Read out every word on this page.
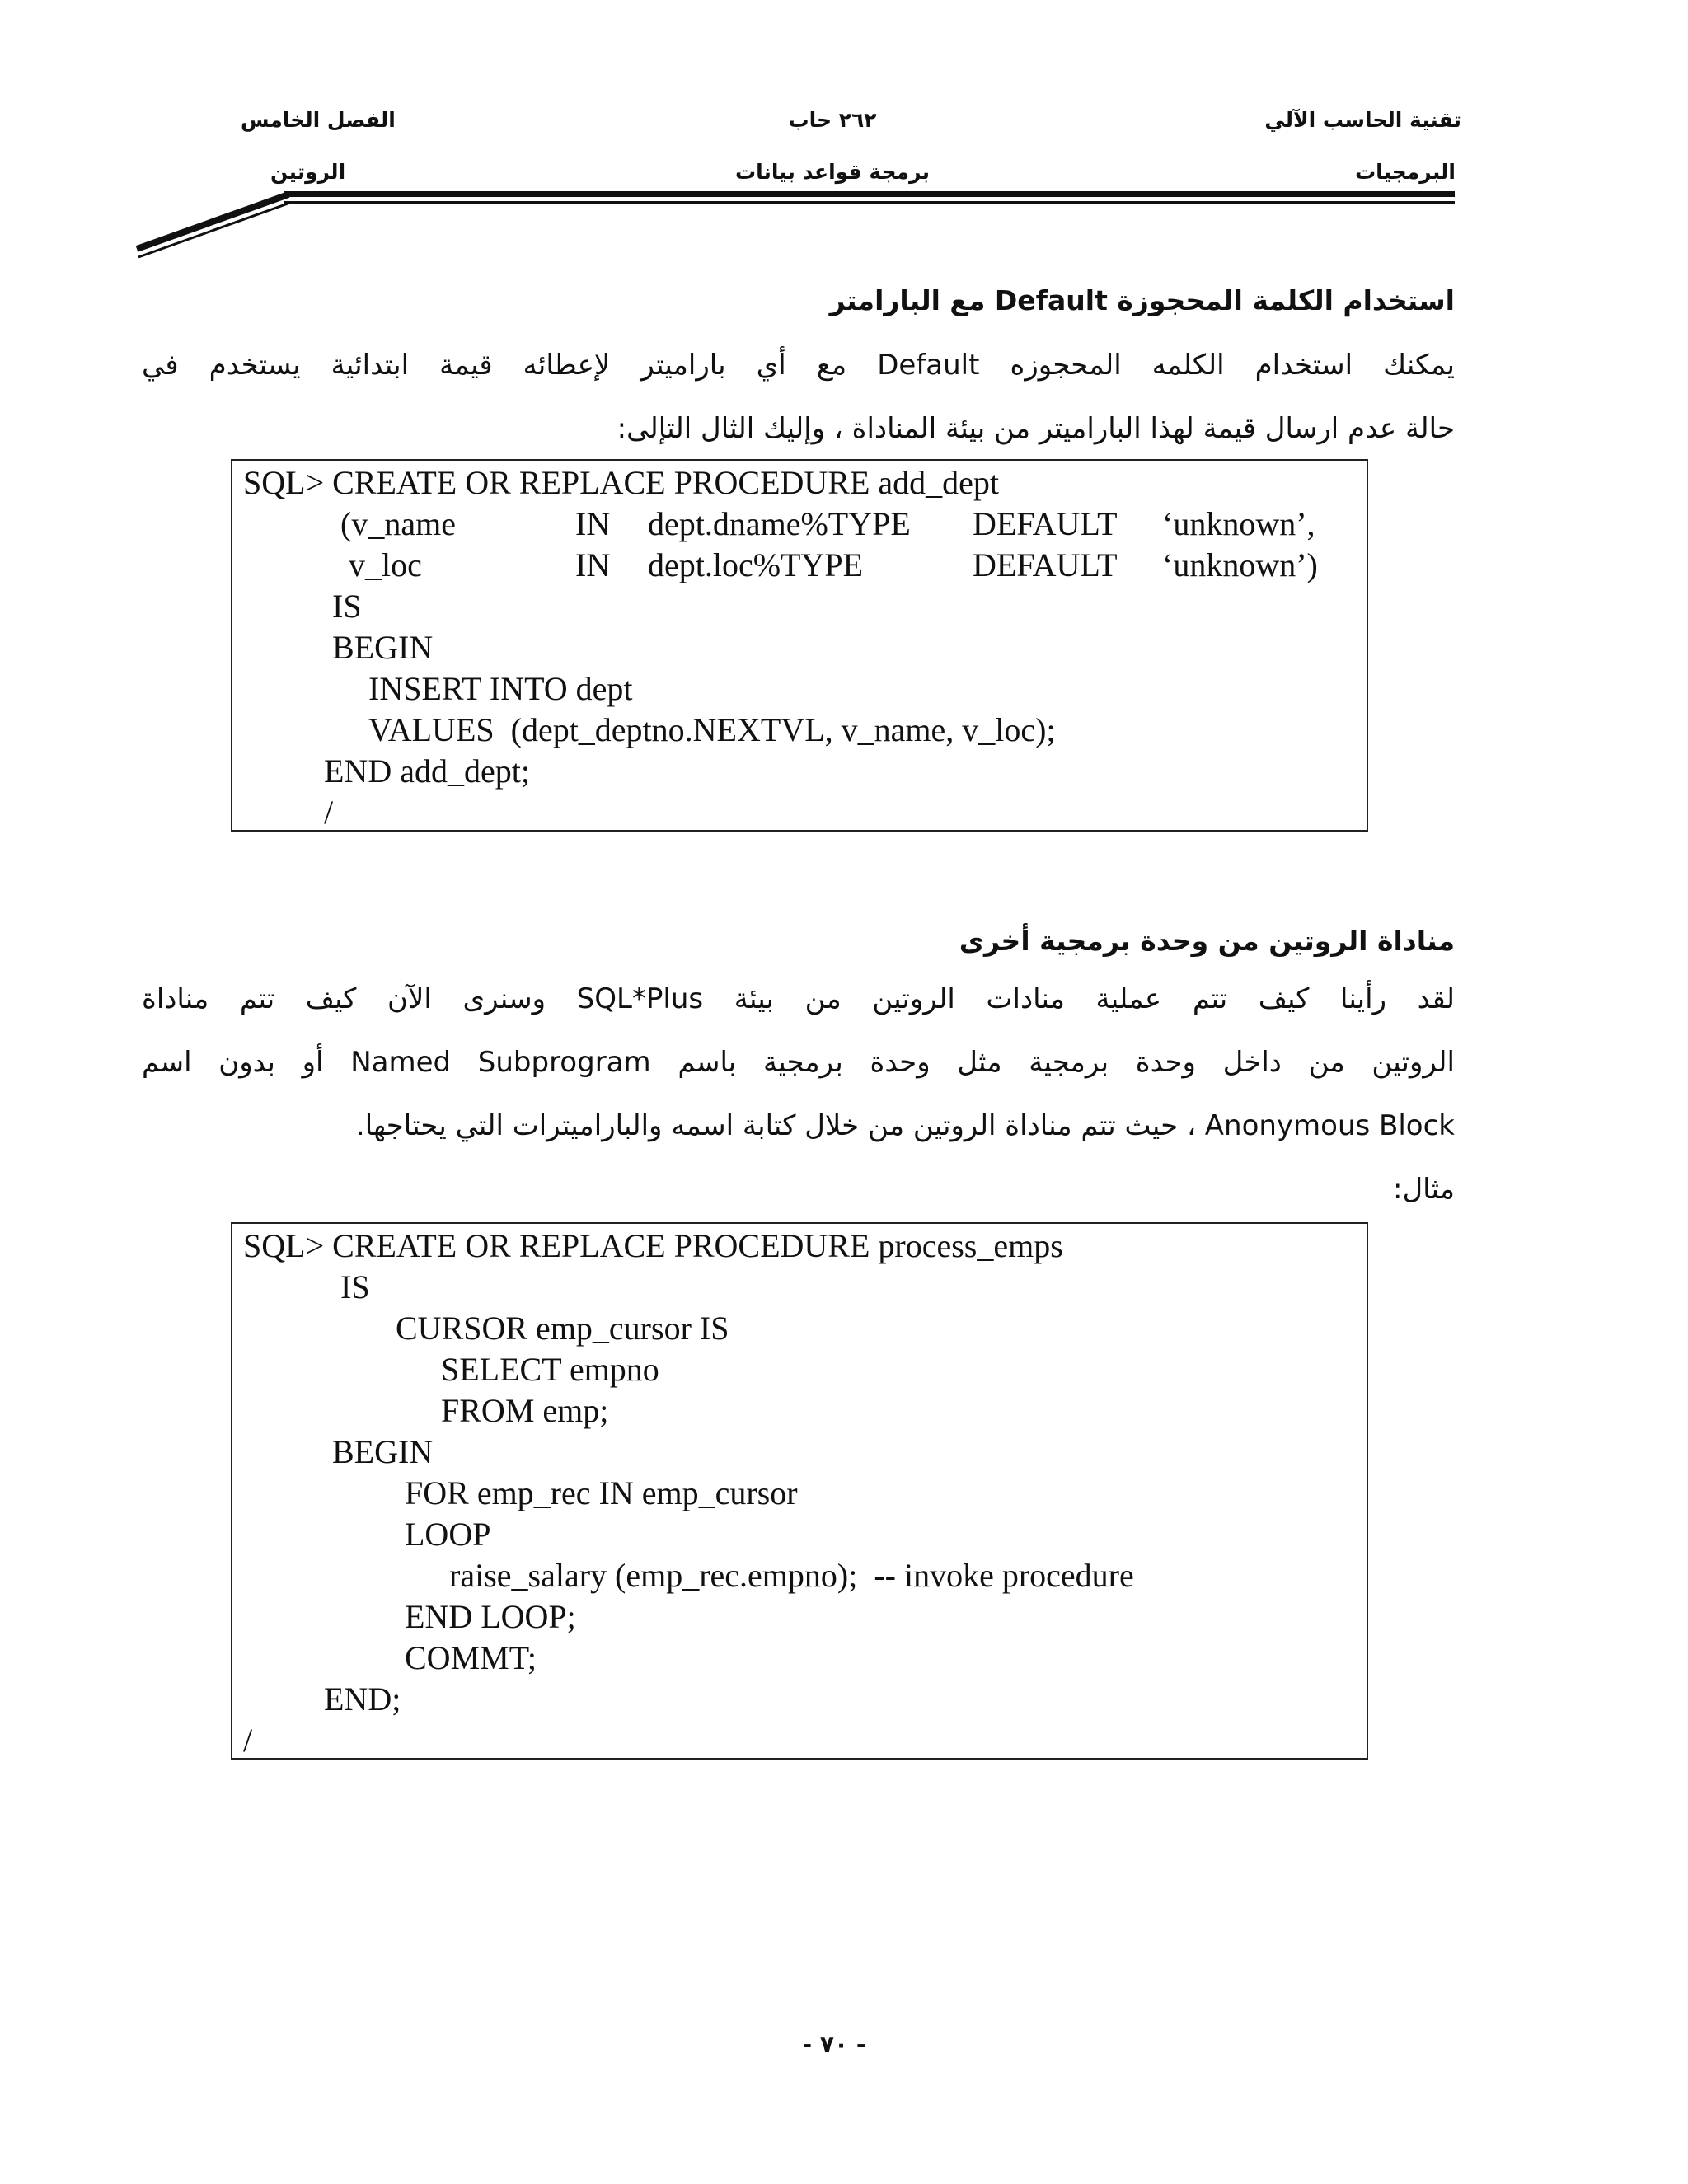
الفصل الخامس
الروتين
٢٦٢ حاب
برمجة قواعد بيانات
تقنية الحاسب الآلي
البرمجيات
استخدام الكلمة المحجوزة Default مع البارامتر
يمكنك استخدام الكلمه المحجوزه Default مع أي باراميتر لإعطائه قيمة ابتدائية يستخدم في
حالة عدم ارسال قيمة لهذا الباراميتر من بيئة المناداة ، وإليك الثال التإلى:
SQL> CREATE OR REPLACE PROCEDURE add_dept
(v_name	IN dept.dname%TYPE DEFAULT ‘unknown’,
v_loc	IN dept.loc%TYPE	DEFAULT ‘unknown’)
IS
BEGIN
INSERT INTO dept
VALUES  (dept_deptno.NEXTVL, v_name, v_loc);
END add_dept;
/
مناداة الروتين من وحدة برمجية أخرى
لقد رأينا كيف تتم عملية منادات الروتين من بيئة SQL*Plus وسنرى الآن كيف تتم مناداة
الروتين من داخل وحدة برمجية مثل وحدة برمجية باسم Named Subprogram أو بدون اسم
Anonymous Block ، حيث تتم مناداة الروتين من خلال كتابة اسمه والباراميترات التي يحتاجها.
مثال:
SQL> CREATE OR REPLACE PROCEDURE process_emps
IS
CURSOR emp_cursor IS
SELECT empno
FROM emp;
BEGIN
FOR emp_rec IN emp_cursor
LOOP
raise_salary (emp_rec.empno);  -- invoke procedure
END LOOP;
COMMT;
END;
/
- ٧٠ -
